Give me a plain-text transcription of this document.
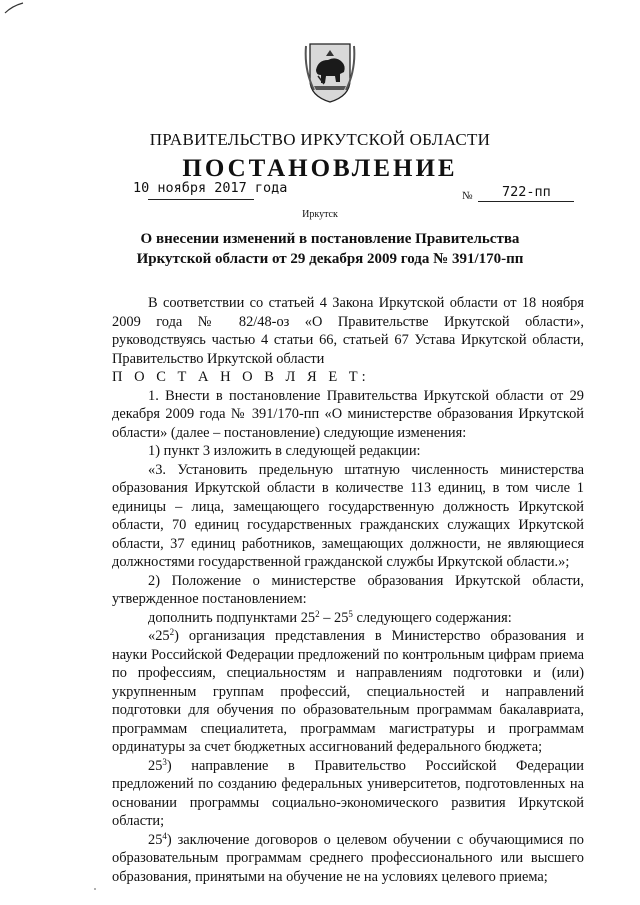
ПРАВИТЕЛЬСТВО ИРКУТСКОЙ ОБЛАСТИ
ПОСТАНОВЛЕНИЕ
10 ноября 2017 года	№ 722-пп
Иркутск
О внесении изменений в постановление Правительства Иркутской области от 29 декабря 2009 года № 391/170-пп

В соответствии со статьей 4 Закона Иркутской области от 18 ноября 2009 года № 82/48-оз «О Правительстве Иркутской области», руководствуясь частью 4 статьи 66, статьей 67 Устава Иркутской области, Правительство Иркутской области

П О С Т А Н О В Л Я Е Т:

1. Внести в постановление Правительства Иркутской области от 29 декабря 2009 года № 391/170-пп «О министерстве образования Иркутской области» (далее – постановление) следующие изменения:

1) пункт 3 изложить в следующей редакции:

«3. Установить предельную штатную численность министерства образования Иркутской области в количестве 113 единиц, в том числе 1 единицы – лица, замещающего государственную должность Иркутской области, 70 единиц государственных гражданских служащих Иркутской области, 37 единиц работников, замещающих должности, не являющиеся должностями государственной гражданской службы Иркутской области.»;

2) Положение о министерстве образования Иркутской области, утвержденное постановлением:

дополнить подпунктами $25^2 - 25^5$ следующего содержания:

«$25^2$) организация представления в Министерство образования и науки Российской Федерации предложений по контрольным цифрам приема по профессиям, специальностям и направлениям подготовки и (или) укрупненным группам профессий, специальностей и направлений подготовки для обучения по образовательным программам бакалавриата, программам специалитета, программам магистратуры и программам ординатуры за счет бюджетных ассигнований федерального бюджета;

$25^3$) направление в Правительство Российской Федерации предложений по созданию федеральных университетов, подготовленных на основании программы социально-экономического развития Иркутской области;

$25^4$) заключение договоров о целевом обучении с обучающимися по образовательным программам среднего профессионального или высшего образования, принятыми на обучение не на условиях целевого приема;
